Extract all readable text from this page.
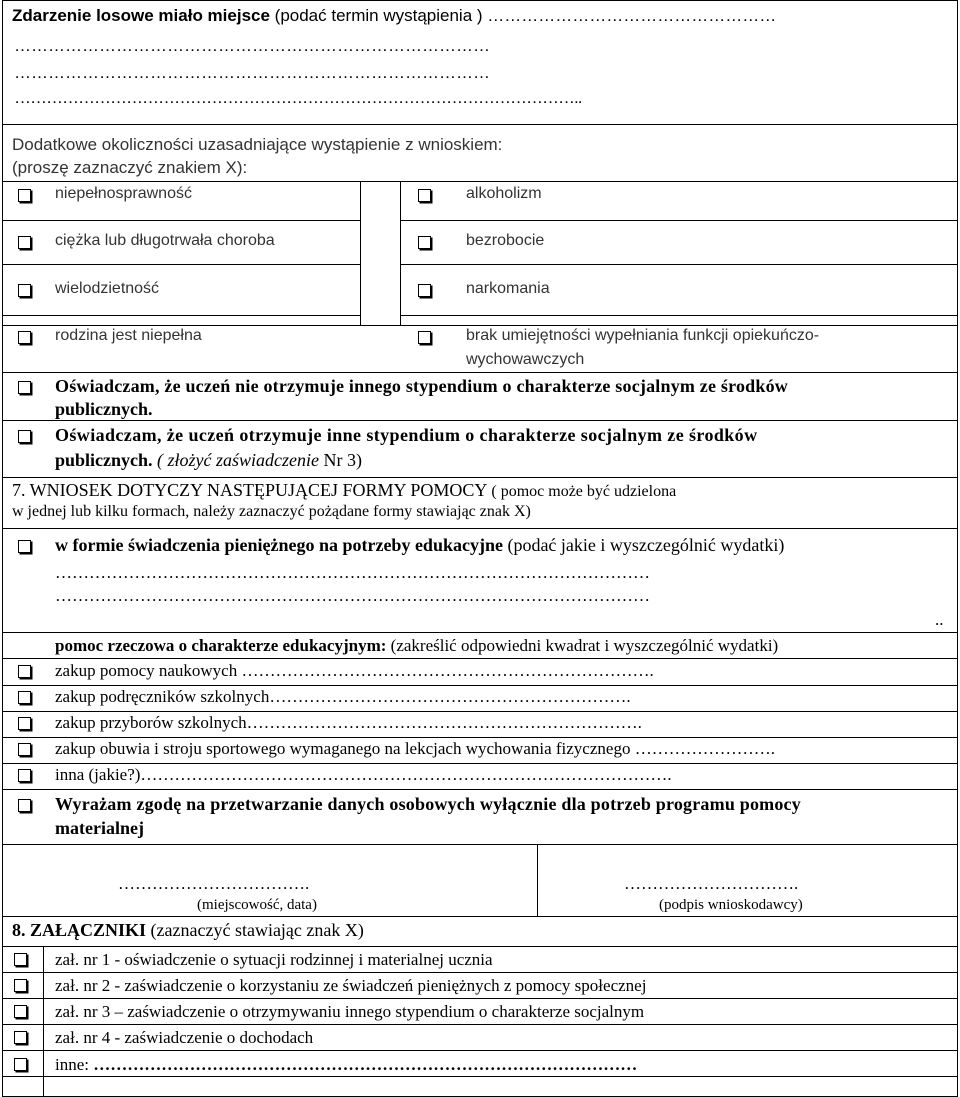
Zdarzenie losowe miało miejsce (podać termin wystąpienia ) ……………………………………………
…………………………………………………………………………
…………………………………………………………………………
……………………………………………………………………………………………..
Dodatkowe okoliczności uzasadniające wystąpienie z wnioskiem:
(proszę zaznaczyć znakiem X):
niepełnosprawność	alkoholizm
ciężka lub długotrwała choroba	bezrobocie
wielodzietność	narkomania
rodzina jest niepełna	brak umiejętności wypełniania funkcji opiekuńczo-
wychowawczych
Oświadczam, że uczeń nie otrzymuje innego stypendium o charakterze socjalnym ze środków
publicznych.
Oświadczam, że uczeń otrzymuje inne stypendium o charakterze socjalnym ze środków
publicznych. ( złożyć zaświadczenie Nr 3)
7. WNIOSEK DOTYCZY NASTĘPUJĄCEJ FORMY POMOCY ( pomoc może być udzielona
w jednej lub kilku formach, należy zaznaczyć pożądane formy stawiając znak X)
w formie świadczenia pieniężnego na potrzeby edukacyjne (podać jakie i wyszczególnić wydatki)
……………………………………………………………………………………………
……………………………………………………………………………………………
..
pomoc rzeczowa o charakterze edukacyjnym: (zakreślić odpowiedni kwadrat i wyszczególnić wydatki)
zakup pomocy naukowych ……………………………………………………………….
zakup podręczników szkolnych……………………………………………………….
zakup przyborów szkolnych…………………………………………………………….
zakup obuwia i stroju sportowego wymaganego na lekcjach wychowania fizycznego …………………….
inna (jakie?)………………………………………………………………………………….
Wyrażam zgodę na przetwarzanie danych osobowych wyłącznie dla potrzeb programu pomocy
materialnej
…………………………….
(miejscowość, data)
………………………….
(podpis wnioskodawcy)
8. ZAŁĄCZNIKI (zaznaczyć stawiając znak X)
zał. nr 1 - oświadczenie o sytuacji rodzinnej i materialnej ucznia
zał. nr 2 - zaświadczenie o korzystaniu ze świadczeń pieniężnych z pomocy społecznej
zał. nr 3 – zaświadczenie o otrzymywaniu innego stypendium o charakterze socjalnym
zał. nr 4 - zaświadczenie o dochodach
inne: ……………………………………………………………………………………
